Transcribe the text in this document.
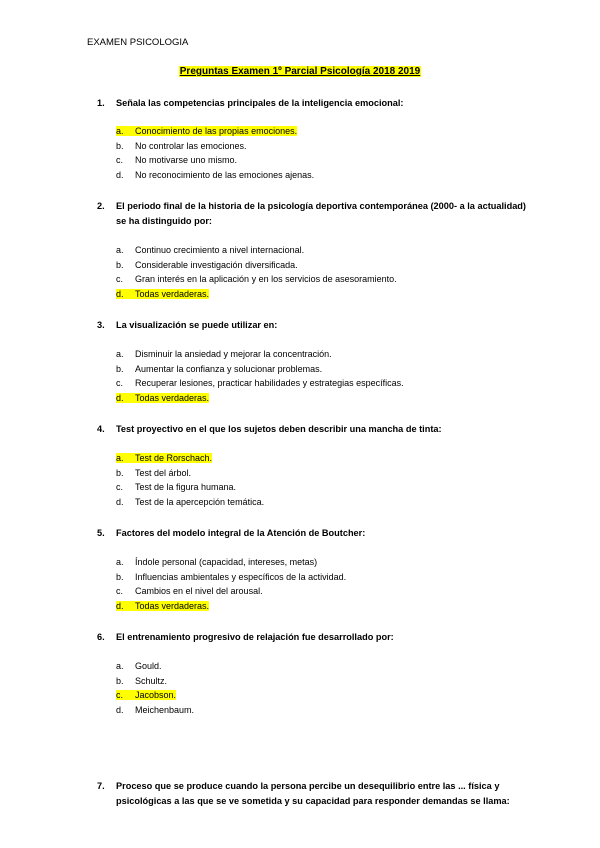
EXAMEN PSICOLOGIA
Preguntas Examen 1º Parcial Psicología 2018 2019
1. Señala las competencias principales de la inteligencia emocional:
a. Conocimiento de las propias emociones.
b. No controlar las emociones.
c. No motivarse uno mismo.
d. No reconocimiento de las emociones ajenas.
2. El periodo final de la historia de la psicología deportiva contemporánea (2000- a la actualidad) se ha distinguido por:
a. Continuo crecimiento a nivel internacional.
b. Considerable investigación diversificada.
c. Gran interés en la aplicación y en los servicios de asesoramiento.
d. Todas verdaderas.
3. La visualización se puede utilizar en:
a. Disminuir la ansiedad y mejorar la concentración.
b. Aumentar la confianza y solucionar problemas.
c. Recuperar lesiones, practicar habilidades y estrategias específicas.
d. Todas verdaderas.
4. Test proyectivo en el que los sujetos deben describir una mancha de tinta:
a. Test de Rorschach.
b. Test del árbol.
c. Test de la figura humana.
d. Test de la apercepción temática.
5. Factores del modelo integral de la Atención de Boutcher:
a. Índole personal (capacidad, intereses, metas)
b. Influencias ambientales y específicos de la actividad.
c. Cambios en el nivel del arousal.
d. Todas verdaderas.
6. El entrenamiento progresivo de relajación fue desarrollado por:
a. Gould.
b. Schultz.
c. Jacobson.
d. Meichenbaum.
7. Proceso que se produce cuando la persona percibe un desequilibrio entre las ... física y psicológicas a las que se ve sometida y su capacidad para responder demandas se llama:
